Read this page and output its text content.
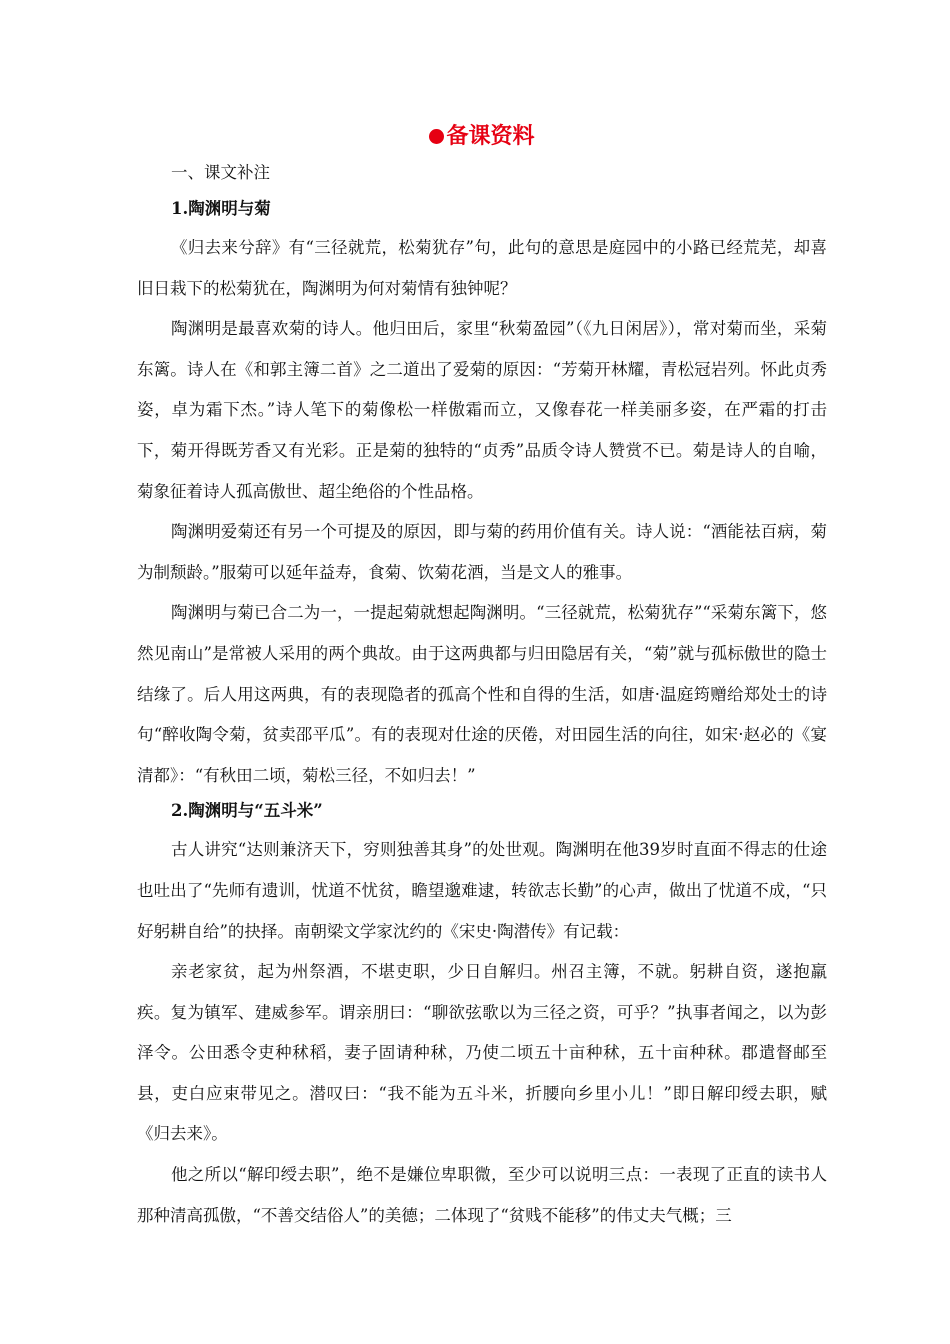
备课资料
一、课文补注
1.陶渊明与菊

《归去来兮辞》有“三径就荒，松菊犹存”句，此句的意思是庭园中的小路已经荒芜，却喜旧日栽下的松菊犹在，陶渊明为何对菊情有独钟呢？

陶渊明是最喜欢菊的诗人。他归田后，家里“秋菊盈园”（《九日闲居》），常对菊而坐，采菊东篱。诗人在《和郭主簿二首》之二道出了爱菊的原因：“芳菊开林耀，青松冠岩列。怀此贞秀姿，卓为霜下杰。”诗人笔下的菊像松一样傲霜而立，又像春花一样美丽多姿，在严霜的打击下，菊开得既芳香又有光彩。正是菊的独特的“贞秀”品质令诗人赞赏不已。菊是诗人的自喻，菊象征着诗人孤高傲世、超尘绝俗的个性品格。

陶渊明爱菊还有另一个可提及的原因，即与菊的药用价值有关。诗人说：“酒能祛百病，菊为制颓龄。”服菊可以延年益寿，食菊、饮菊花酒，当是文人的雅事。

陶渊明与菊已合二为一，一提起菊就想起陶渊明。“三径就荒，松菊犹存”“采菊东篱下，悠然见南山”是常被人采用的两个典故。由于这两典都与归田隐居有关，“菊”就与孤标傲世的隐士结缘了。后人用这两典，有的表现隐者的孤高个性和自得的生活，如唐·温庭筠赠给郑处士的诗句“醉收陶令菊，贫卖邵平瓜”。有的表现对仕途的厌倦，对田园生活的向往，如宋·赵必的《宴清都》：“有秋田二顷，菊松三径，不如归去！”

2.陶渊明与“五斗米”

古人讲究“达则兼济天下，穷则独善其身”的处世观。陶渊明在他39岁时直面不得志的仕途也吐出了“先师有遗训，忧道不忧贫，瞻望邈难逮，转欲志长勤”的心声，做出了忧道不成，“只好躬耕自给”的抉择。南朝梁文学家沈约的《宋史·陶潜传》有记载：

亲老家贫，起为州祭酒，不堪吏职，少日自解归。州召主簿，不就。躬耕自资，遂抱羸疾。复为镇军、建威参军。谓亲朋曰：“聊欲弦歌以为三径之资，可乎？”执事者闻之，以为彭泽令。公田悉令吏种秫稻，妻子固请种秫，乃使二顷五十亩种秫，五十亩种秫。郡遣督邮至县，吏白应束带见之。潜叹曰：“我不能为五斗米，折腰向乡里小儿！”即日解印绶去职，赋《归去来》。

他之所以“解印绶去职”，绝不是嫌位卑职微，至少可以说明三点：一表现了正直的读书人那种清高孤傲，“不善交结俗人”的美德；二体现了“贫贱不能移”的伟丈夫气概；三
